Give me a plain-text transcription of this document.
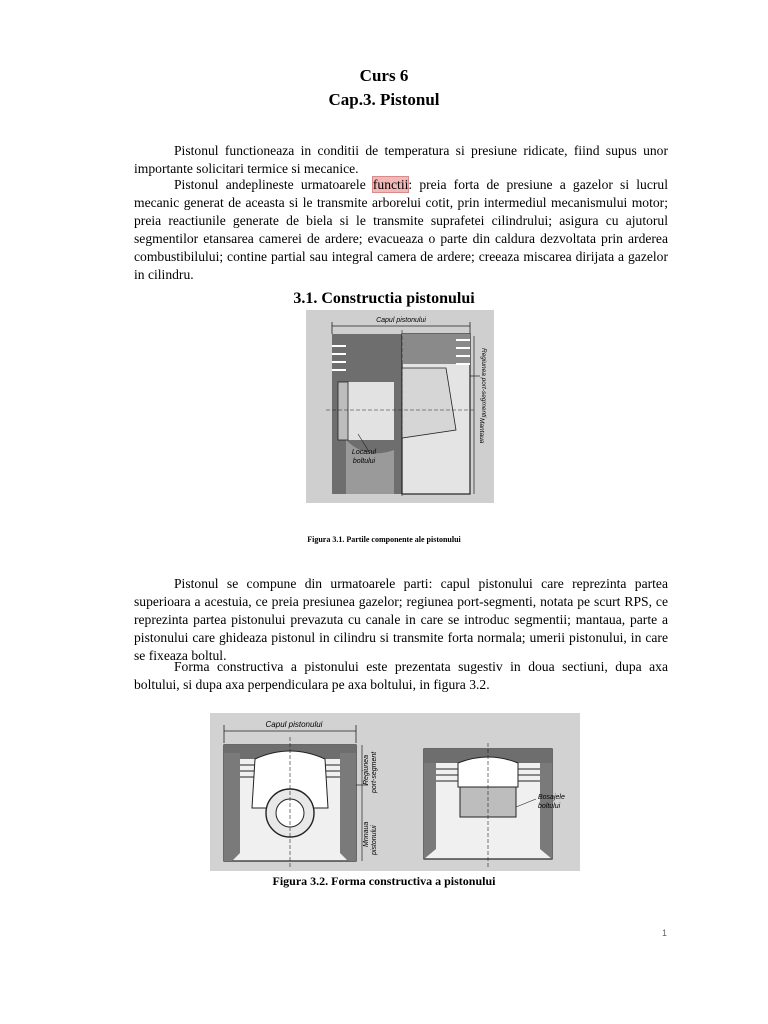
Curs 6

Cap.3. Pistonul

Pistonul functioneaza in conditii de temperatura si presiune ridicate, fiind supus unor importante solicitari termice si mecanice.

Pistonul andeplineste urmatoarele functii: preia forta de presiune a gazelor si lucrul mecanic generat de aceasta si le transmite arborelui cotit, prin intermediul mecanismului motor; preia reactiunile generate de biela si le transmite suprafetei cilindrului; asigura cu ajutorul segmentilor etansarea camerei de ardere; evacueaza o parte din caldura dezvoltata prin arderea combustibilului; contine partial sau integral camera de ardere; creeaza miscarea dirijata a gazelor in cilindru.

3.1. Constructia pistonului

Capul pistonului
Regiunea port-segmenti
Mantaua
Locasul
boltului

Figura 3.1. Partile componente ale pistonului

Pistonul se compune din urmatoarele parti: capul pistonului care reprezinta partea superioara a acestuia, ce preia presiunea gazelor; regiunea port-segmenti, notata pe scurt RPS, ce reprezinta partea pistonului prevazuta cu canale in care se introduc segmentii; mantaua, parte a pistonului care ghideaza pistonul in cilindru si transmite forta normala; umerii pistonului, in care se fixeaza boltul.

Forma constructiva a pistonului este prezentata sugestiv in doua sectiuni, dupa axa boltului, si dupa axa perpendiculara pe axa boltului, in figura 3.2.

Capul pistonului
Regiunea port-segment
Mnnaua pistonului
Bosajele
boltului

Figura 3.2. Forma constructiva a pistonului

1
